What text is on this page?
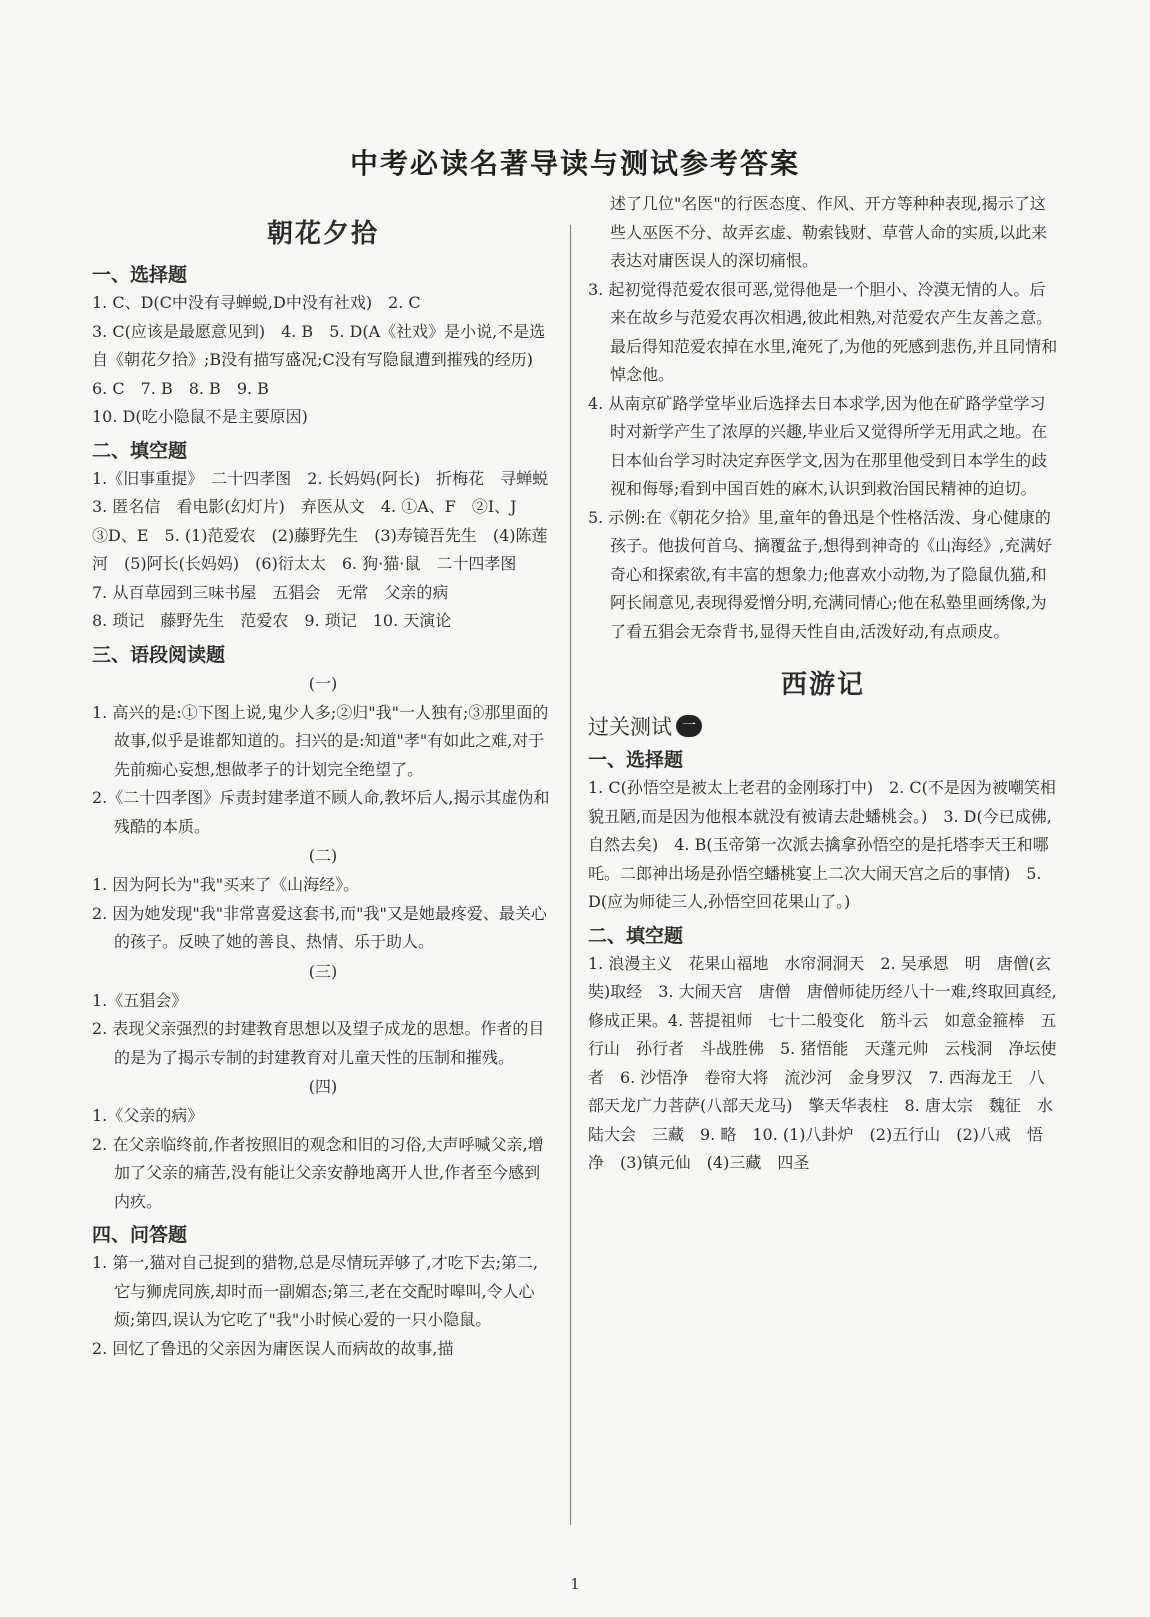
中考必读名著导读与测试参考答案
朝花夕拾
一、选择题

1. C、D(C中没有寻蝉蜕,D中没有社戏)　2. C

3. C(应该是最愿意见到)　4. B　5. D(A《社戏》是小说,不是选自《朝花夕拾》;B没有描写盛况;C没有写隐鼠遭到摧残的经历)　6. C　7. B　8. B　9. B

10. D(吃小隐鼠不是主要原因)

二、填空题

1.《旧事重提》　二十四孝图　2. 长妈妈(阿长)　折梅花　寻蝉蜕　3. 匿名信　看电影(幻灯片)　弃医从文　4. ①A、F　②I、J　③D、E　5. (1)范爱农　(2)藤野先生　(3)寿镜吾先生　(4)陈莲河　(5)阿长(长妈妈)　(6)衍太太　6. 狗·猫·鼠　二十四孝图

7. 从百草园到三味书屋　五猖会　无常　父亲的病

8. 琐记　藤野先生　范爱农　9. 琐记　10. 天演论

三、语段阅读题

(一)

1. 高兴的是:①下图上说,鬼少人多;②归"我"一人独有;③那里面的故事,似乎是谁都知道的。扫兴的是:知道"孝"有如此之难,对于先前痴心妄想,想做孝子的计划完全绝望了。

2.《二十四孝图》斥责封建孝道不顾人命,教坏后人,揭示其虚伪和残酷的本质。

(二)

1. 因为阿长为"我"买来了《山海经》。

2. 因为她发现"我"非常喜爱这套书,而"我"又是她最疼爱、最关心的孩子。反映了她的善良、热情、乐于助人。

(三)

1.《五猖会》

2. 表现父亲强烈的封建教育思想以及望子成龙的思想。作者的目的是为了揭示专制的封建教育对儿童天性的压制和摧残。

(四)

1.《父亲的病》

2. 在父亲临终前,作者按照旧的观念和旧的习俗,大声呼喊父亲,增加了父亲的痛苦,没有能让父亲安静地离开人世,作者至今感到内疚。

四、问答题

1. 第一,猫对自己捉到的猎物,总是尽情玩弄够了,才吃下去;第二,它与狮虎同族,却时而一副媚态;第三,老在交配时嗥叫,令人心烦;第四,误认为它吃了"我"小时候心爱的一只小隐鼠。

2. 回忆了鲁迅的父亲因为庸医误人而病故的故事,描

述了几位"名医"的行医态度、作风、开方等种种表现,揭示了这些人巫医不分、故弄玄虚、勒索钱财、草菅人命的实质,以此来表达对庸医误人的深切痛恨。

3. 起初觉得范爱农很可恶,觉得他是一个胆小、冷漠无情的人。后来在故乡与范爱农再次相遇,彼此相熟,对范爱农产生友善之意。最后得知范爱农掉在水里,淹死了,为他的死感到悲伤,并且同情和悼念他。

4. 从南京矿路学堂毕业后选择去日本求学,因为他在矿路学堂学习时对新学产生了浓厚的兴趣,毕业后又觉得所学无用武之地。在日本仙台学习时决定弃医学文,因为在那里他受到日本学生的歧视和侮辱;看到中国百姓的麻木,认识到救治国民精神的迫切。

5. 示例:在《朝花夕拾》里,童年的鲁迅是个性格活泼、身心健康的孩子。他拔何首乌、摘覆盆子,想得到神奇的《山海经》,充满好奇心和探索欲,有丰富的想象力;他喜欢小动物,为了隐鼠仇猫,和阿长闹意见,表现得爱憎分明,充满同情心;他在私塾里画绣像,为了看五猖会无奈背书,显得天性自由,活泼好动,有点顽皮。

西游记
过关测试 一
一、选择题

1. C(孙悟空是被太上老君的金刚琢打中)　2. C(不是因为被嘲笑相貌丑陋,而是因为他根本就没有被请去赴蟠桃会。)　3. D(今已成佛,自然去矣)　4. B(玉帝第一次派去擒拿孙悟空的是托塔李天王和哪吒。二郎神出场是孙悟空蟠桃宴上二次大闹天宫之后的事情)　5. D(应为师徒三人,孙悟空回花果山了。)

二、填空题

1. 浪漫主义　花果山福地　水帘洞洞天　2. 吴承恩　明　唐僧(玄奘)取经　3. 大闹天宫　唐僧　唐僧师徒历经八十一难,终取回真经,修成正果。4. 菩提祖师　七十二般变化　筋斗云　如意金箍棒　五行山　孙行者　斗战胜佛　5. 猪悟能　天蓬元帅　云栈洞　净坛使者　6. 沙悟净　卷帘大将　流沙河　金身罗汉　7. 西海龙王　八部天龙广力菩萨(八部天龙马)　擎天华表柱　8. 唐太宗　魏征　水陆大会　三藏　9. 略　10. (1)八卦炉　(2)五行山　(2)八戒　悟净　(3)镇元仙　(4)三藏　四圣

1
